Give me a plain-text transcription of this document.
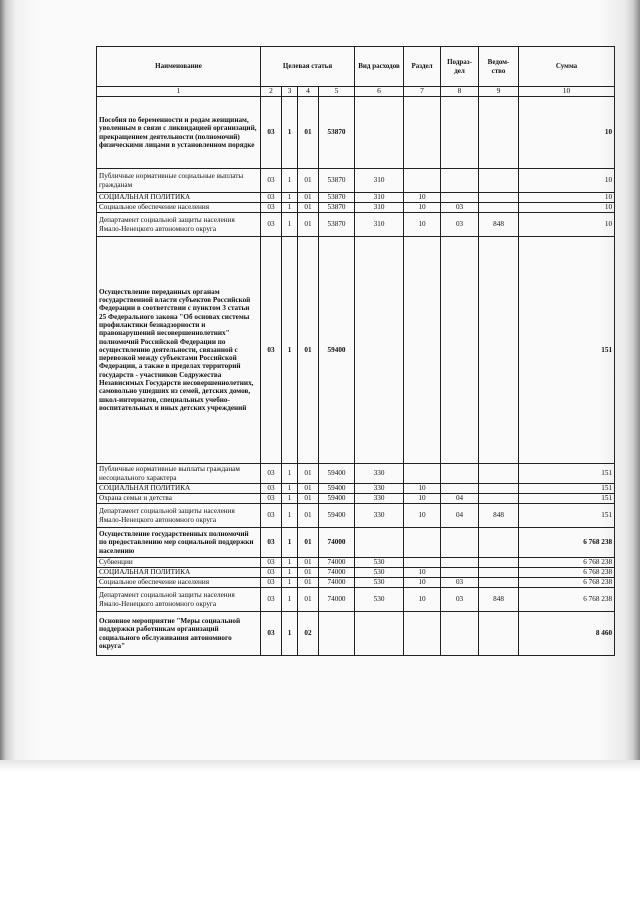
Наименование	Целевая статья				Вид расходов	Раздел	Подраз-дел	Ведом-ство	Сумма
1	2	3	4	5	6	7	8	9	10
Пособия по беременности и родам женщинам, уволенным в связи с ликвидацией организаций, прекращением деятельности (полномочий) физическими лицами в установленном порядке	03	1	01	53870					10
Публичные нормативные социальные выплаты гражданам	03	1	01	53870	310				10
СОЦИАЛЬНАЯ ПОЛИТИКА	03	1	01	53870	310	10			10
Социальное обеспечение населения	03	1	01	53870	310	10	03		10
Департамент социальной защиты населения Ямало-Ненецкого автономного округа	03	1	01	53870	310	10	03	848	10
Осуществление переданных органам государственной власти субъектов Российской Федерации в соответствии с пунктом 3 статьи 25 Федерального закона "Об основах системы профилактики безнадзорности и правонарушений несовершеннолетних" полномочий Российской Федерации по осуществлению деятельности, связанной с перевозкой между субъектами Российской Федерации, а также в пределах территорий государств - участников Содружества Независимых Государств несовершеннолетних, самовольно ушедших из семей, детских домов, школ-интернатов, специальных учебно-воспитательных и иных детских учреждений	03	1	01	59400					151
Публичные нормативные выплаты гражданам несоциального характера	03	1	01	59400	330				151
СОЦИАЛЬНАЯ ПОЛИТИКА	03	1	01	59400	330	10			151
Охрана семьи и детства	03	1	01	59400	330	10	04		151
Департамент социальной защиты населения Ямало-Ненецкого автономного округа	03	1	01	59400	330	10	04	848	151
Осуществление государственных полномочий по предоставлению мер социальной поддержки населению	03	1	01	74000					6 768 238
Субвенции	03	1	01	74000	530				6 768 238
СОЦИАЛЬНАЯ ПОЛИТИКА	03	1	01	74000	530	10			6 768 238
Социальное обеспечение населения	03	1	01	74000	530	10	03		6 768 238
Департамент социальной защиты населения Ямало-Ненецкого автономного округа	03	1	01	74000	530	10	03	848	6 768 238
Основное мероприятие "Меры социальной поддержки работникам организаций социального обслуживания автономного округа"	03	1	02						8 460
